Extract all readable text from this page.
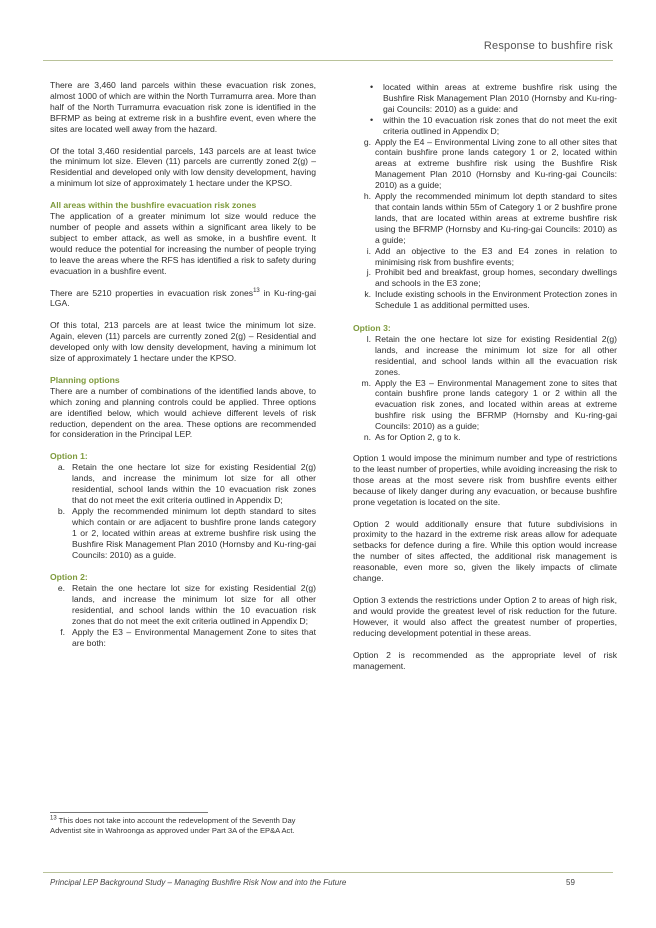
Response to bushfire risk

There are 3,460 land parcels within these evacuation risk zones, almost 1000 of which are within the North Turramurra area. More than half of the North Turramurra evacuation risk zone is identified in the BFRMP as being at extreme risk in a bushfire event, even where the sites are located well away from the hazard.

Of the total 3,460 residential parcels, 143 parcels are at least twice the minimum lot size. Eleven (11) parcels are currently zoned 2(g) –Residential and developed only with low density development, having a minimum lot size of approximately 1 hectare under the KPSO.

All areas within the bushfire evacuation risk zones

The application of a greater minimum lot size would reduce the number of people and assets within a significant area likely to be subject to ember attack, as well as smoke, in a bushfire event. It would reduce the potential for increasing the number of people trying to leave the areas where the RFS has identified a risk to safety during evacuation in a bushfire event.

There are 5210 properties in evacuation risk zones$^{13}$ in Ku-ring-gai LGA.

Of this total, 213 parcels are at least twice the minimum lot size. Again, eleven (11) parcels are currently zoned 2(g) – Residential and developed only with low density development, having a minimum lot size of approximately 1 hectare under the KPSO.

Planning options

There are a number of combinations of the identified lands above, to which zoning and planning controls could be applied. Three options are identified below, which would achieve different levels of risk reduction, dependent on the area. These options are recommended for consideration in the Principal LEP.

Option 1:
a. Retain the one hectare lot size for existing Residential 2(g) lands, and increase the minimum lot size for all other residential, school lands within the 10 evacuation risk zones that do not meet the exit criteria outlined in Appendix D;
b. Apply the recommended minimum lot depth standard to sites which contain or are adjacent to bushfire prone lands category 1 or 2, located within areas at extreme bushfire risk using the Bushfire Risk Management Plan 2010 (Hornsby and Ku-ring-gai Councils: 2010) as a guide.
Option 2:
e. Retain the one hectare lot size for existing Residential 2(g) lands, and increase the minimum lot size for all other residential, and school lands within the 10 evacuation risk zones that do not meet the exit criteria outlined in Appendix D;
f. Apply the E3 – Environmental Management Zone to sites that are both:
• located within areas at extreme bushfire risk using the Bushfire Risk Management Plan 2010 (Hornsby and Ku-ring-gai Councils: 2010) as a guide: and
• within the 10 evacuation risk zones that do not meet the exit criteria outlined in Appendix D;
g. Apply the E4 – Environmental Living zone to all other sites that contain bushfire prone lands category 1 or 2, located within areas at extreme bushfire risk using the Bushfire Risk Management Plan 2010 (Hornsby and Ku-ring-gai Councils: 2010) as a guide;
h. Apply the recommended minimum lot depth standard to sites that contain lands within 55m of Category 1 or 2 bushfire prone lands, that are located within areas at extreme bushfire risk using the BFRMP (Hornsby and Ku-ring-gai Councils: 2010) as a guide;
i. Add an objective to the E3 and E4 zones in relation to minimising risk from bushfire events;
j. Prohibit bed and breakfast, group homes, secondary dwellings and schools in the E3 zone;
k. Include existing schools in the Environment Protection zones in Schedule 1 as additional permitted uses.
Option 3:
l. Retain the one hectare lot size for existing Residential 2(g) lands, and increase the minimum lot size for all other residential, and school lands within all the evacuation risk zones.
m. Apply the E3 – Environmental Management zone to sites that contain bushfire prone lands category 1 or 2 within all the evacuation risk zones, and located within areas at extreme bushfire risk using the BFRMP (Hornsby and Ku-ring-gai Councils: 2010) as a guide;
n. As for Option 2, g to k.

Option 1 would impose the minimum number and type of restrictions to the least number of properties, while avoiding increasing the risk to those areas at the most severe risk from bushfire events either because of likely danger during any evacuation, or because bushfire prone vegetation is located on the site.

Option 2 would additionally ensure that future subdivisions in proximity to the hazard in the extreme risk areas allow for adequate setbacks for defence during a fire. While this option would increase the number of sites affected, the additional risk management is reasonable, even more so, given the likely impacts of climate change.

Option 3 extends the restrictions under Option 2 to areas of high risk, and would provide the greatest level of risk reduction for the future. However, it would also affect the greatest number of properties, reducing development potential in these areas.

Option 2 is recommended as the appropriate level of risk management.

$^{13}$ This does not take into account the redevelopment of the Seventh Day Adventist site in Wahroonga as approved under Part 3A of the EP&A Act.
Principal LEP Background Study – Managing Bushfire Risk Now and into the Future	59
